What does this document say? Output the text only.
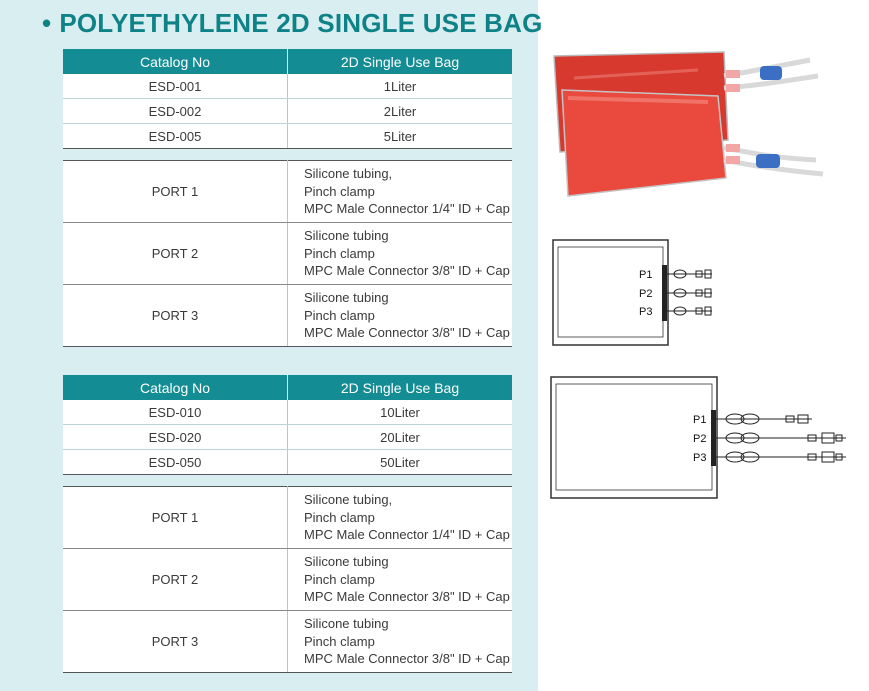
• POLYETHYLENE 2D SINGLE USE BAG
Catalog No	2D Single Use Bag
ESD-001	1Liter
ESD-002	2Liter
ESD-005	5Liter
PORT 1	Silicone tubing,
Pinch clamp
MPC Male Connector 1/4" ID + Cap

PORT 2	Silicone tubing
Pinch clamp
MPC Male Connector 3/8" ID + Cap

PORT 3	Silicone tubing
Pinch clamp
MPC Male Connector 3/8" ID + Cap
Catalog No	2D Single Use Bag
ESD-010	10Liter
ESD-020	20Liter
ESD-050	50Liter
PORT 1	Silicone tubing,
Pinch clamp
MPC Male Connector 1/4" ID + Cap

PORT 2	Silicone tubing
Pinch clamp
MPC Male Connector 3/8" ID + Cap

PORT 3	Silicone tubing
Pinch clamp
MPC Male Connector 3/8" ID + Cap
P1
P2
P3
P1
P2
P3
